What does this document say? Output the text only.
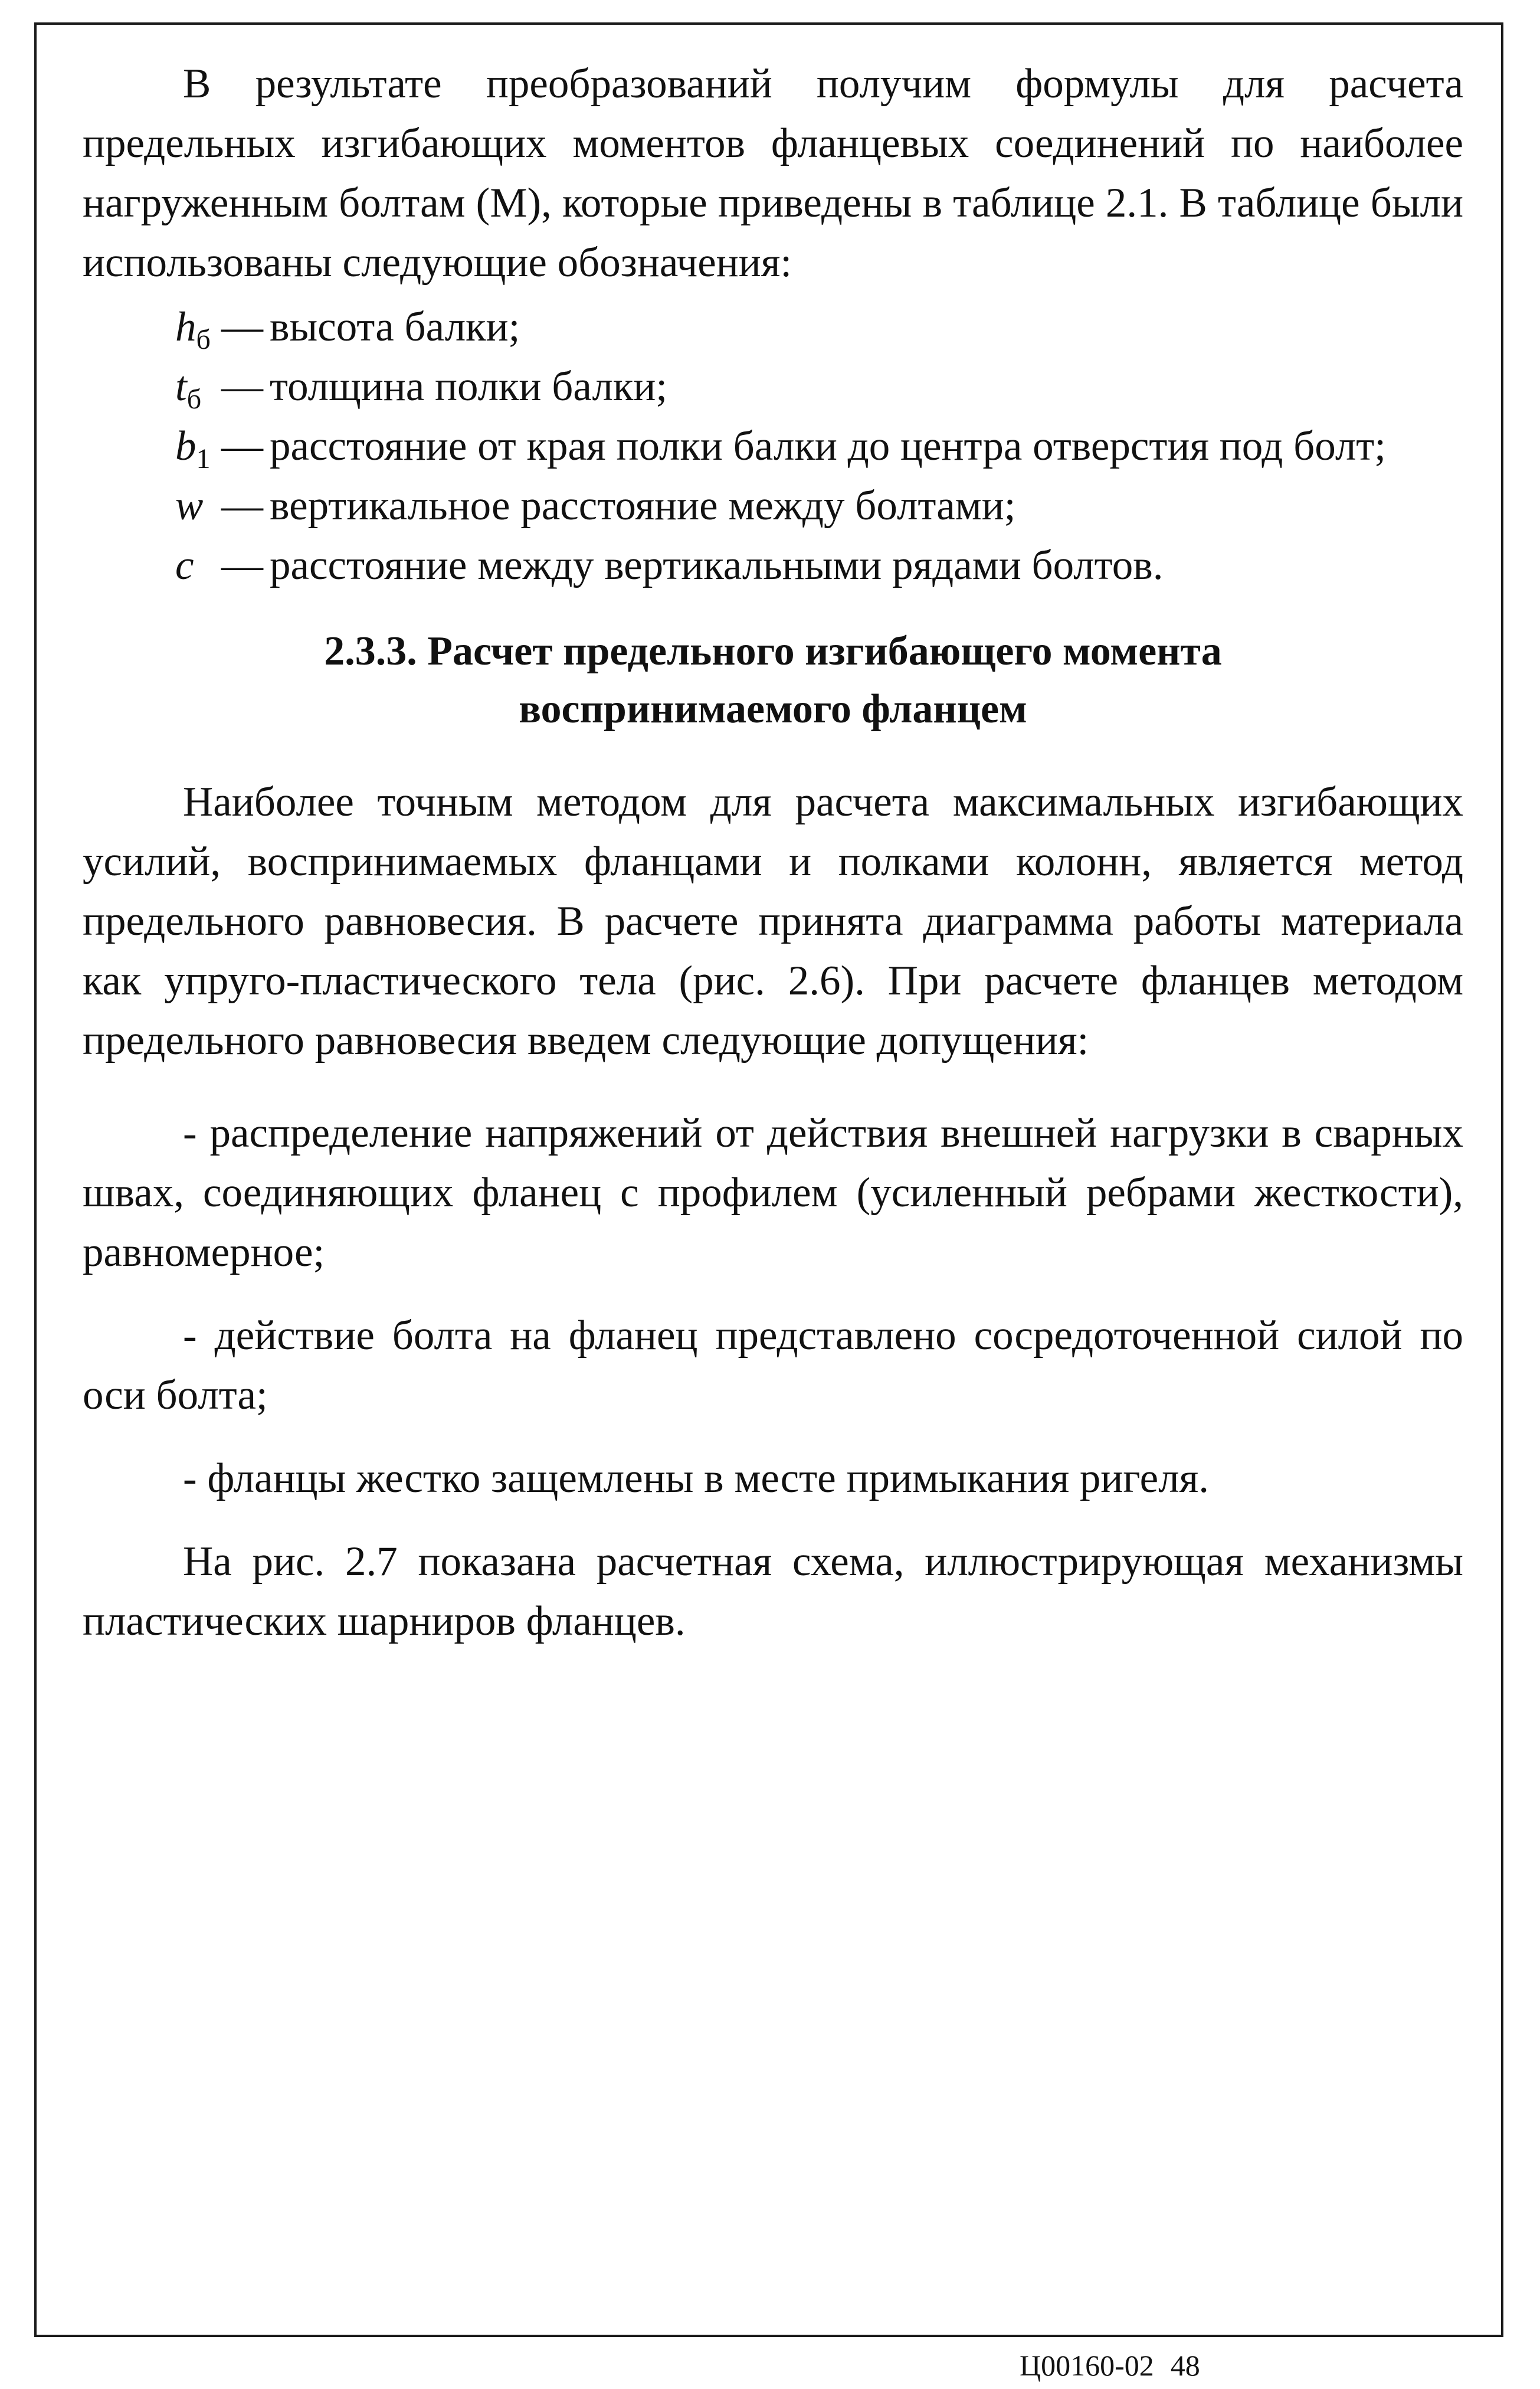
В результате преобразований получим формулы для расчета предельных изгибающих моментов фланцевых соединений по наиболее нагруженным болтам (М), которые приведены в таблице 2.1. В таблице были использованы следующие обозначения:

$h_б$ — высота балки;
$t_б$ — толщина полки балки;
$b_1$ — расстояние от края полки балки до центра отверстия под болт;
w — вертикальное расстояние между болтами;
c — расстояние между вертикальными рядами болтов.
2.3.3. Расчет предельного изгибающего момента
воспринимаемого фланцем

Наиболее точным методом для расчета максимальных изгибающих усилий, воспринимаемых фланцами и полками колонн, является метод предельного равновесия. В расчете принята диаграмма работы материала как упруго-пластического тела (рис. 2.6). При расчете фланцев методом предельного равновесия введем следующие допущения:

- распределение напряжений от действия внешней нагрузки в сварных швах, соединяющих фланец с профилем (усиленный ребрами жесткости), равномерное;

- действие болта на фланец представлено сосредоточенной силой по оси болта;

- фланцы жестко защемлены в месте примыкания ригеля.

На рис. 2.7 показана расчетная схема, иллюстрирующая механизмы пластических шарниров фланцев.

Ц00160-02 48
